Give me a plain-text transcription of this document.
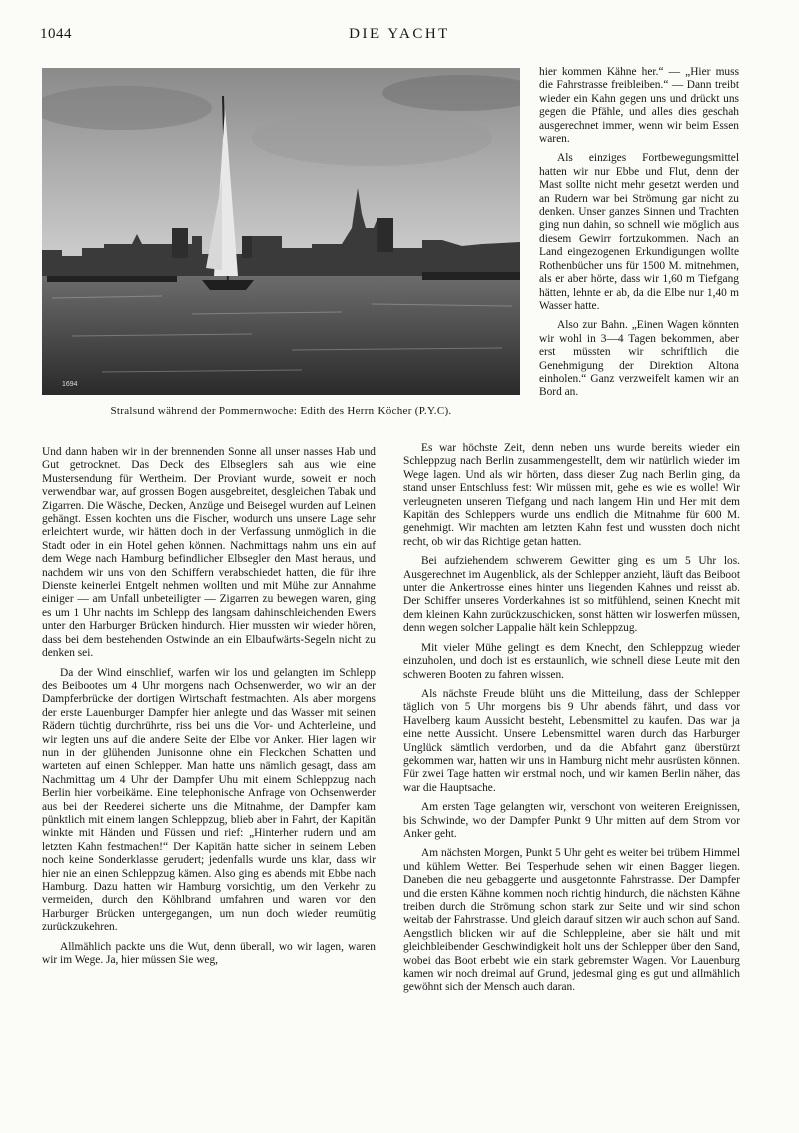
1044	DIE YACHT
1694
Stralsund während der Pommernwoche: Edith des Herrn Köcher (P.Y.C).

hier kommen Kähne her.“ — „Hier muss die Fahrstrasse freibleiben.“ — Dann treibt wieder ein Kahn gegen uns und drückt uns gegen die Pfähle, und alles dies geschah ausgerechnet immer, wenn wir beim Essen waren.

Als einziges Fortbewegungsmittel hatten wir nur Ebbe und Flut, denn der Mast sollte nicht mehr gesetzt werden und an Rudern war bei Strömung gar nicht zu denken. Unser ganzes Sinnen und Trachten ging nun dahin, so schnell wie möglich aus diesem Gewirr fortzukommen. Nach an Land eingezogenen Erkundigungen wollte Rothenbücher uns für 1500 M. mitnehmen, als er aber hörte, dass wir 1,60 m Tiefgang hätten, lehnte er ab, da die Elbe nur 1,40 m Wasser hatte.

Also zur Bahn. „Einen Wagen könnten wir wohl in 3—4 Tagen bekommen, aber erst müssten wir schriftlich die Genehmigung der Direktion Altona einholen.“ Ganz verzweifelt kamen wir an Bord an.

Und dann haben wir in der brennenden Sonne all unser nasses Hab und Gut getrocknet. Das Deck des Elbseglers sah aus wie eine Mustersendung für Wertheim. Der Proviant wurde, soweit er noch verwendbar war, auf grossen Bogen ausgebreitet, desgleichen Tabak und Zigarren. Die Wäsche, Decken, Anzüge und Beisegel wurden auf Leinen gehängt. Essen kochten uns die Fischer, wodurch uns unsere Lage sehr erleichtert wurde, wir hätten doch in der Verfassung unmöglich in die Stadt oder in ein Hotel gehen können. Nachmittags nahm uns ein auf dem Wege nach Hamburg befindlicher Elbsegler den Mast heraus, und nachdem wir uns von den Schiffern verabschiedet hatten, die für ihre Dienste keinerlei Entgelt nehmen wollten und mit Mühe zur Annahme einiger — am Unfall unbeteiligter — Zigarren zu bewegen waren, ging es um 1 Uhr nachts im Schlepp des langsam dahinschleichenden Ewers unter den Harburger Brücken hindurch. Hier mussten wir wieder hören, dass bei dem bestehenden Ostwinde an ein Elbaufwärts-Segeln nicht zu denken sei.

Da der Wind einschlief, warfen wir los und gelangten im Schlepp des Beibootes um 4 Uhr morgens nach Ochsenwerder, wo wir an der Dampferbrücke der dortigen Wirtschaft festmachten. Als aber morgens der erste Lauenburger Dampfer hier anlegte und das Wasser mit seinen Rädern tüchtig durchrührte, riss bei uns die Vor- und Achterleine, und wir legten uns auf die andere Seite der Elbe vor Anker. Hier lagen wir nun in der glühenden Junisonne ohne ein Fleckchen Schatten und warteten auf einen Schlepper. Man hatte uns nämlich gesagt, dass am Nachmittag um 4 Uhr der Dampfer Uhu mit einem Schleppzug nach Berlin hier vorbeikäme. Eine telephonische Anfrage von Ochsenwerder aus bei der Reederei sicherte uns die Mitnahme, der Dampfer kam pünktlich mit einem langen Schleppzug, blieb aber in Fahrt, der Kapitän winkte mit Händen und Füssen und rief: „Hinterher rudern und am letzten Kahn festmachen!“ Der Kapitän hatte sicher in seinem Leben noch keine Sonderklasse gerudert; jedenfalls wurde uns klar, dass wir hier nie an einen Schleppzug kämen. Also ging es abends mit Ebbe nach Hamburg. Dazu hatten wir Hamburg vorsichtig, um den Verkehr zu vermeiden, durch den Köhlbrand umfahren und waren vor den Harburger Brücken untergegangen, um nun doch wieder reumütig zurückzukehren.

Allmählich packte uns die Wut, denn überall, wo wir lagen, waren wir im Wege. Ja, hier müssen Sie weg,

Es war höchste Zeit, denn neben uns wurde bereits wieder ein Schleppzug nach Berlin zusammengestellt, dem wir natürlich wieder im Wege lagen. Und als wir hörten, dass dieser Zug nach Berlin ging, da stand unser Entschluss fest: Wir müssen mit, gehe es wie es wolle! Wir verleugneten unseren Tiefgang und nach langem Hin und Her mit dem Kapitän des Schleppers wurde uns endlich die Mitnahme für 600 M. genehmigt. Wir machten am letzten Kahn fest und wussten doch nicht recht, ob wir das Richtige getan hatten.

Bei aufziehendem schwerem Gewitter ging es um 5 Uhr los. Ausgerechnet im Augenblick, als der Schlepper anzieht, läuft das Beiboot unter die Ankertrosse eines hinter uns liegenden Kahnes und reisst ab. Der Schiffer unseres Vorderkahnes ist so mitfühlend, seinen Knecht mit dem kleinen Kahn zurückzuschicken, sonst hätten wir loswerfen müssen, denn wegen solcher Lappalie hält kein Schleppzug.

Mit vieler Mühe gelingt es dem Knecht, den Schleppzug wieder einzuholen, und doch ist es erstaunlich, wie schnell diese Leute mit den schweren Booten zu fahren wissen.

Als nächste Freude blüht uns die Mitteilung, dass der Schlepper täglich von 5 Uhr morgens bis 9 Uhr abends fährt, und dass vor Havelberg kaum Aussicht besteht, Lebensmittel zu kaufen. Das war ja eine nette Aussicht. Unsere Lebensmittel waren durch das Harburger Unglück sämtlich verdorben, und da die Abfahrt ganz überstürzt gekommen war, hatten wir uns in Hamburg nicht mehr ausrüsten können. Für zwei Tage hatten wir erstmal noch, und wir kamen Berlin näher, das war die Hauptsache.

Am ersten Tage gelangten wir, verschont von weiteren Ereignissen, bis Schwinde, wo der Dampfer Punkt 9 Uhr mitten auf dem Strom vor Anker geht.

Am nächsten Morgen, Punkt 5 Uhr geht es weiter bei trübem Himmel und kühlem Wetter. Bei Tesperhude sehen wir einen Bagger liegen. Daneben die neu gebaggerte und ausgetonnte Fahrstrasse. Der Dampfer und die ersten Kähne kommen noch richtig hindurch, die nächsten Kähne treiben durch die Strömung schon stark zur Seite und wir sind schon weitab der Fahrstrasse. Und gleich darauf sitzen wir auch schon auf Sand. Aengstlich blicken wir auf die Schleppleine, aber sie hält und mit gleichbleibender Geschwindigkeit holt uns der Schlepper über den Sand, wobei das Boot erbebt wie ein stark gebremster Wagen. Vor Lauenburg kamen wir noch dreimal auf Grund, jedesmal ging es gut und allmählich gewöhnt sich der Mensch auch daran.
